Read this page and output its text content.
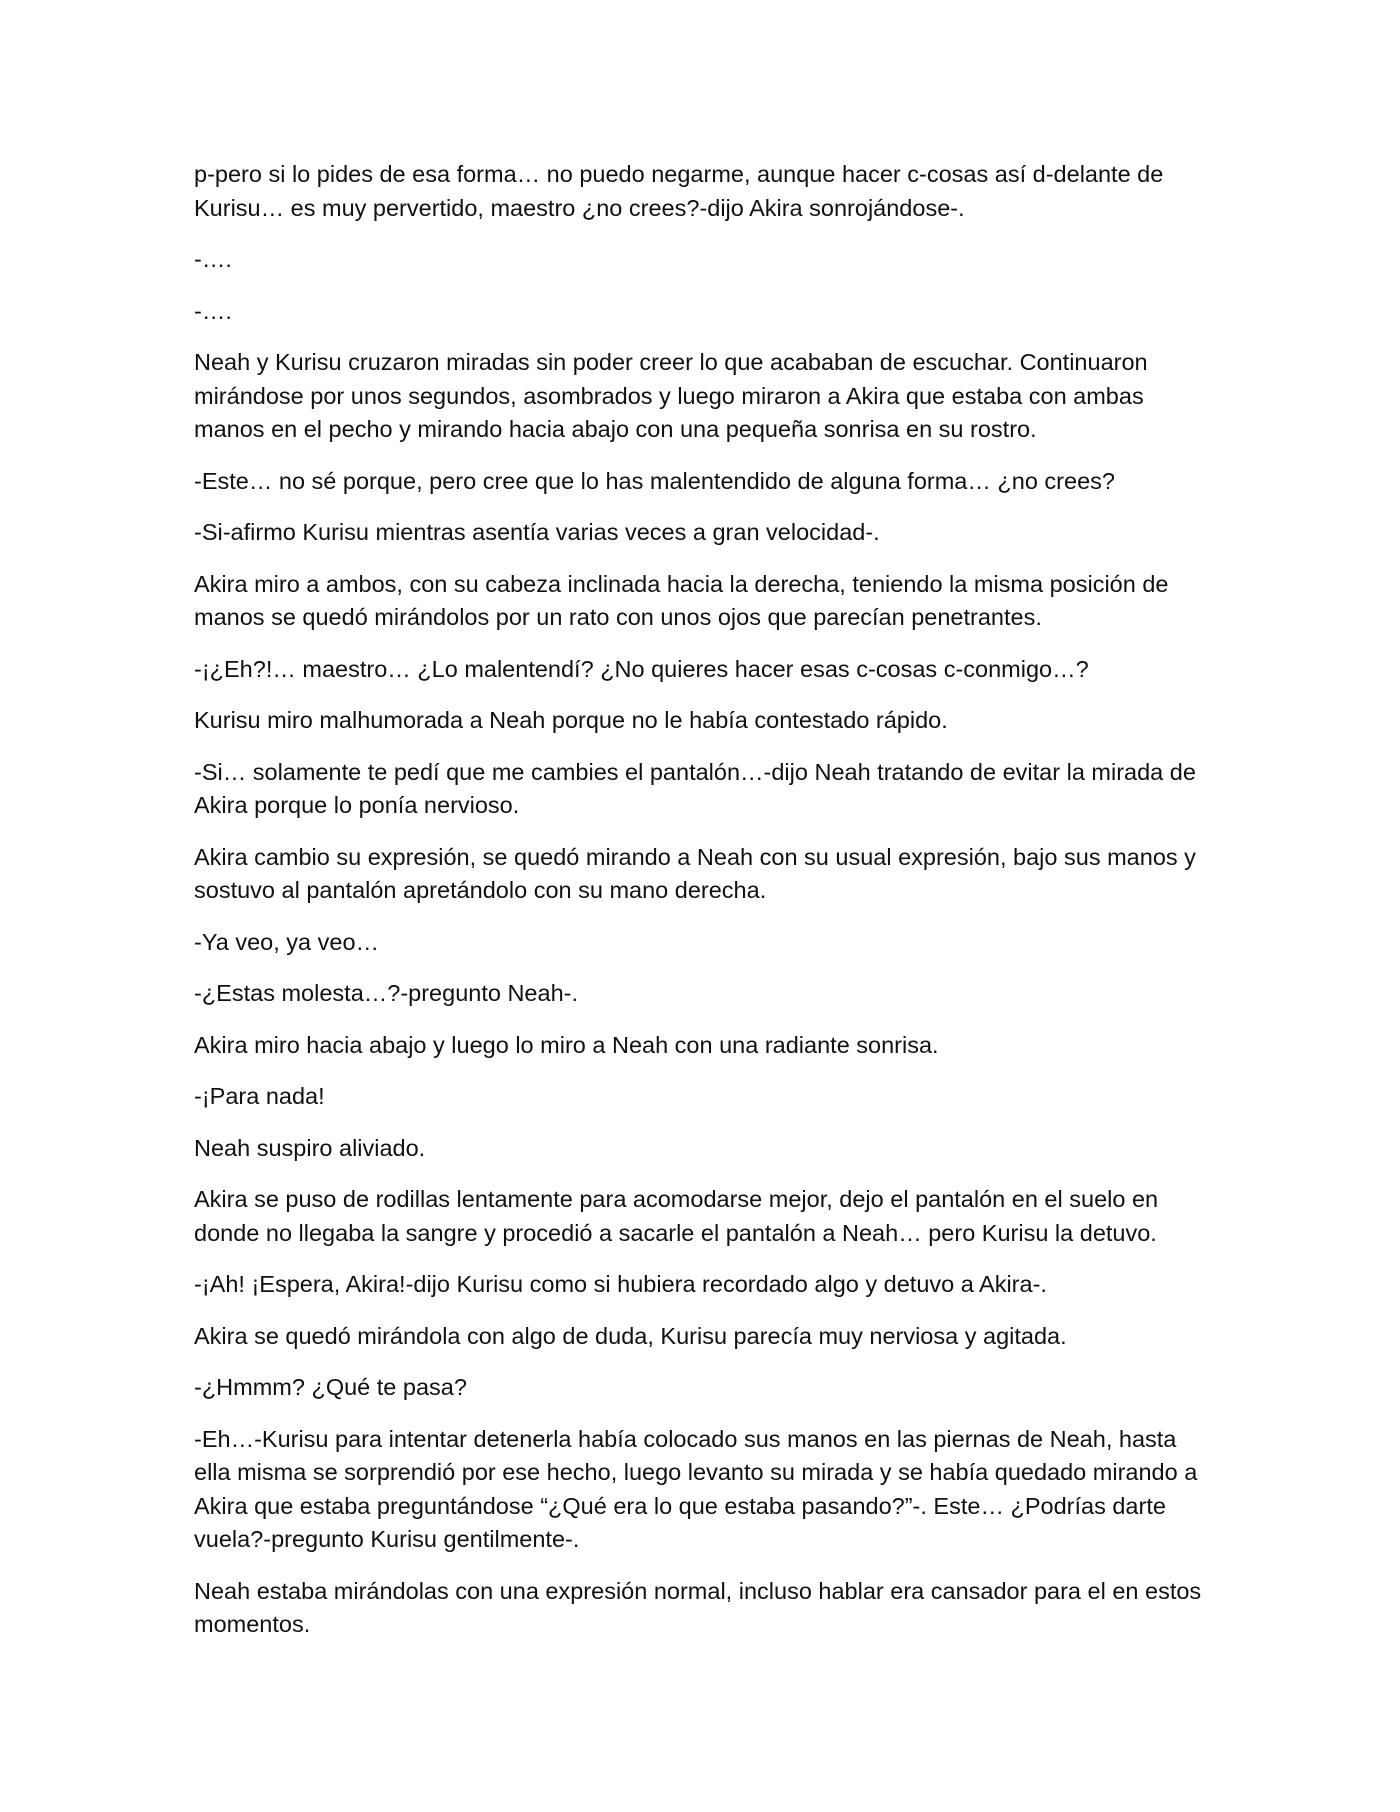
p-pero si lo pides de esa forma… no puedo negarme, aunque hacer c-cosas así d-delante de Kurisu… es muy pervertido, maestro ¿no crees?-dijo Akira sonrojándose-.

-….

-….

Neah y Kurisu cruzaron miradas sin poder creer lo que acababan de escuchar. Continuaron mirándose por unos segundos, asombrados y luego miraron a Akira que estaba con ambas manos en el pecho y mirando hacia abajo con una pequeña sonrisa en su rostro.

-Este… no sé porque, pero cree que lo has malentendido de alguna forma… ¿no crees?

-Si-afirmo Kurisu mientras asentía varias veces a gran velocidad-.

Akira miro a ambos, con su cabeza inclinada hacia la derecha, teniendo la misma posición de manos se quedó mirándolos por un rato con unos ojos que parecían penetrantes.

-¡¿Eh?!… maestro… ¿Lo malentendí? ¿No quieres hacer esas c-cosas c-conmigo…?

Kurisu miro malhumorada a Neah porque no le había contestado rápido.

-Si… solamente te pedí que me cambies el pantalón…-dijo Neah tratando de evitar la mirada de Akira porque lo ponía nervioso.

Akira cambio su expresión, se quedó mirando a Neah con su usual expresión, bajo sus manos y sostuvo al pantalón apretándolo con su mano derecha.

-Ya veo, ya veo…

-¿Estas molesta…?-pregunto Neah-.

Akira miro hacia abajo y luego lo miro a Neah con una radiante sonrisa.

-¡Para nada!

Neah suspiro aliviado.

Akira se puso de rodillas lentamente para acomodarse mejor, dejo el pantalón en el suelo en donde no llegaba la sangre y procedió a sacarle el pantalón a Neah… pero Kurisu la detuvo.

-¡Ah! ¡Espera, Akira!-dijo Kurisu como si hubiera recordado algo y detuvo a Akira-.

Akira se quedó mirándola con algo de duda, Kurisu parecía muy nerviosa y agitada.

-¿Hmmm? ¿Qué te pasa?

-Eh…-Kurisu para intentar detenerla había colocado sus manos en las piernas de Neah, hasta ella misma se sorprendió por ese hecho, luego levanto su mirada y se había quedado mirando a Akira que estaba preguntándose “¿Qué era lo que estaba pasando?”-. Este… ¿Podrías darte vuela?-pregunto Kurisu gentilmente-.

Neah estaba mirándolas con una expresión normal, incluso hablar era cansador para el en estos momentos.
